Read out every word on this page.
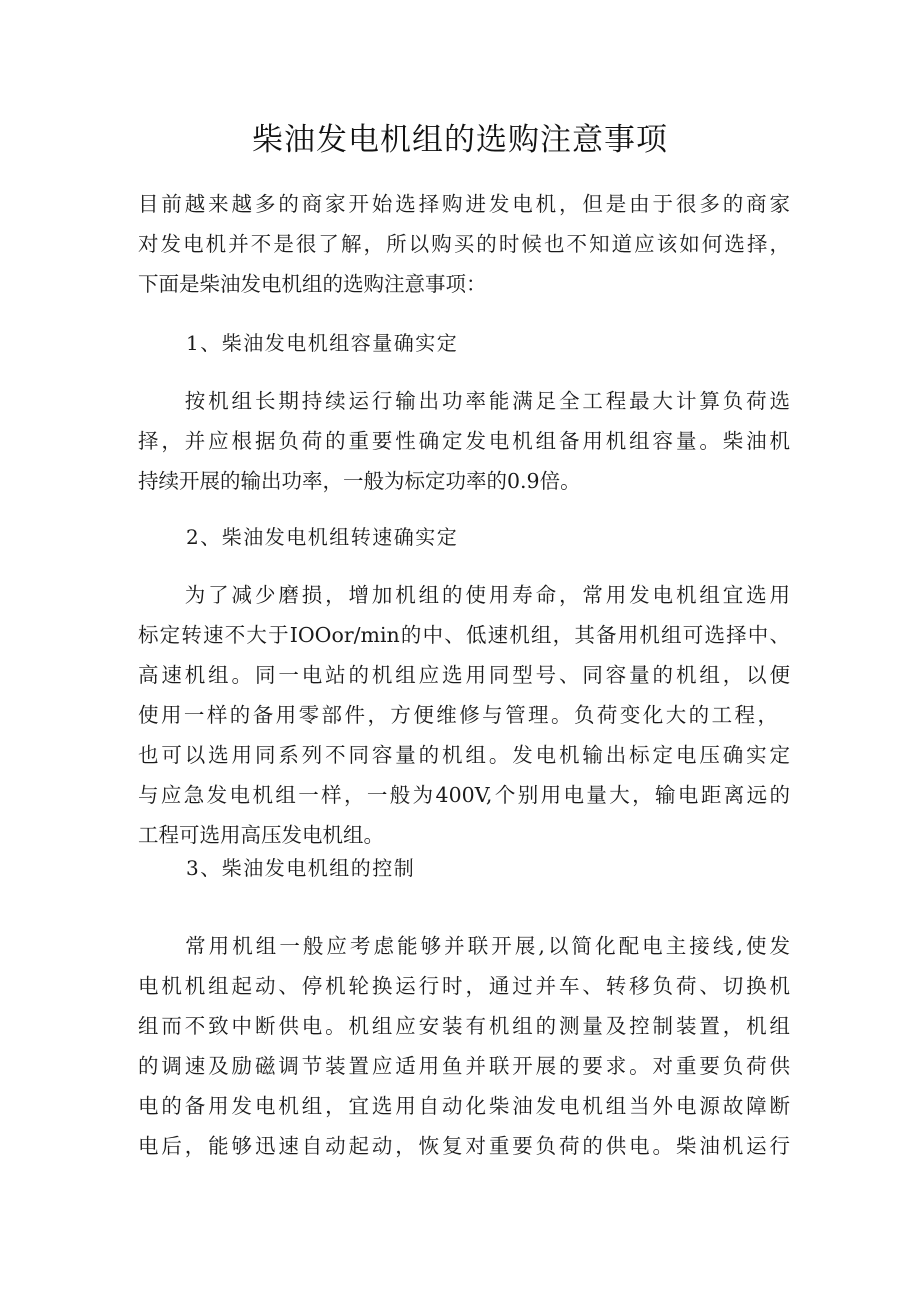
柴油发电机组的选购注意事项

目前越来越多的商家开始选择购进发电机，但是由于很多的商家

对发电机并不是很了解，所以购买的时候也不知道应该如何选择，

下面是柴油发电机组的选购注意事项：

1、柴油发电机组容量确实定

　　按机组长期持续运行输出功率能满足全工程最大计算负荷选

择，并应根据负荷的重要性确定发电机组备用机组容量。柴油机

持续开展的输出功率，一般为标定功率的0.9倍。

2、柴油发电机组转速确实定

　　为了减少磨损，增加机组的使用寿命，常用发电机组宜选用

标定转速不大于IOOor∕min的中、低速机组，其备用机组可选择中、

高速机组。同一电站的机组应选用同型号、同容量的机组，以便

使用一样的备用零部件，方便维修与管理。负荷变化大的工程，

也可以选用同系列不同容量的机组。发电机输出标定电压确实定

与应急发电机组一样，一般为400V,个别用电量大，输电距离远的

工程可选用高压发电机组。

3、柴油发电机组的控制

　　常用机组一般应考虑能够并联开展,以简化配电主接线,使发

电机机组起动、停机轮换运行时，通过并车、转移负荷、切换机

组而不致中断供电。机组应安装有机组的测量及控制装置，机组

的调速及励磁调节装置应适用鱼并联开展的要求。对重要负荷供

电的备用发电机组，宜选用自动化柴油发电机组当外电源故障断

电后，能够迅速自动起动，恢复对重要负荷的供电。柴油机运行
